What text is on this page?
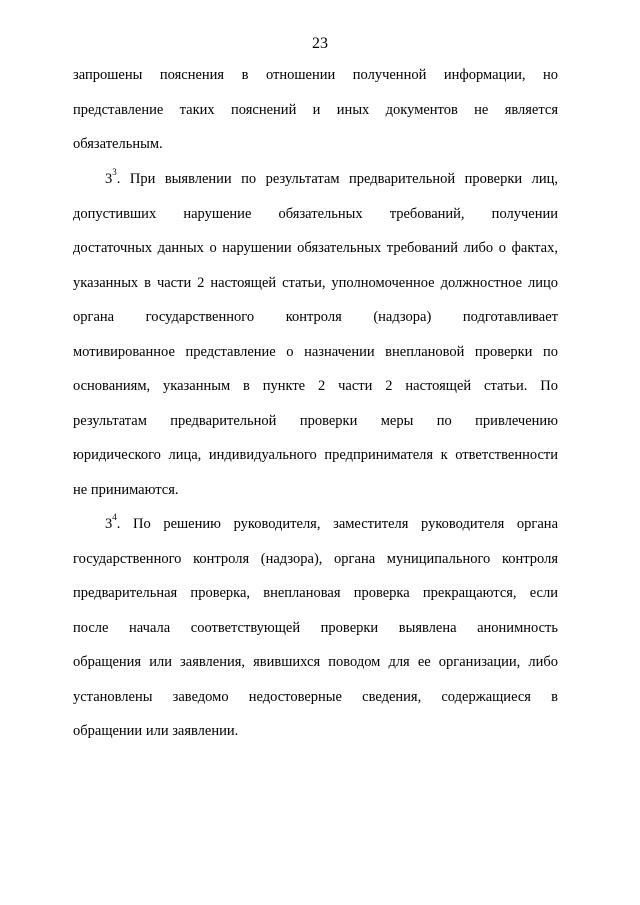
23
запрошены пояснения в отношении полученной информации, но
представление таких пояснений и иных документов не является
обязательным.
$3^3$. При выявлении по результатам предварительной проверки лиц,
допустивших нарушение обязательных требований, получении
достаточных данных о нарушении обязательных требований либо о фактах,
указанных в части 2 настоящей статьи, уполномоченное должностное лицо
органа государственного контроля (надзора) подготавливает
мотивированное представление о назначении внеплановой проверки по
основаниям, указанным в пункте 2 части 2 настоящей статьи. По
результатам предварительной проверки меры по привлечению
юридического лица, индивидуального предпринимателя к ответственности
не принимаются.
$3^4$. По решению руководителя, заместителя руководителя органа
государственного контроля (надзора), органа муниципального контроля
предварительная проверка, внеплановая проверка прекращаются, если
после начала соответствующей проверки выявлена анонимность
обращения или заявления, явившихся поводом для ее организации, либо
установлены заведомо недостоверные сведения, содержащиеся в
обращении или заявлении.
